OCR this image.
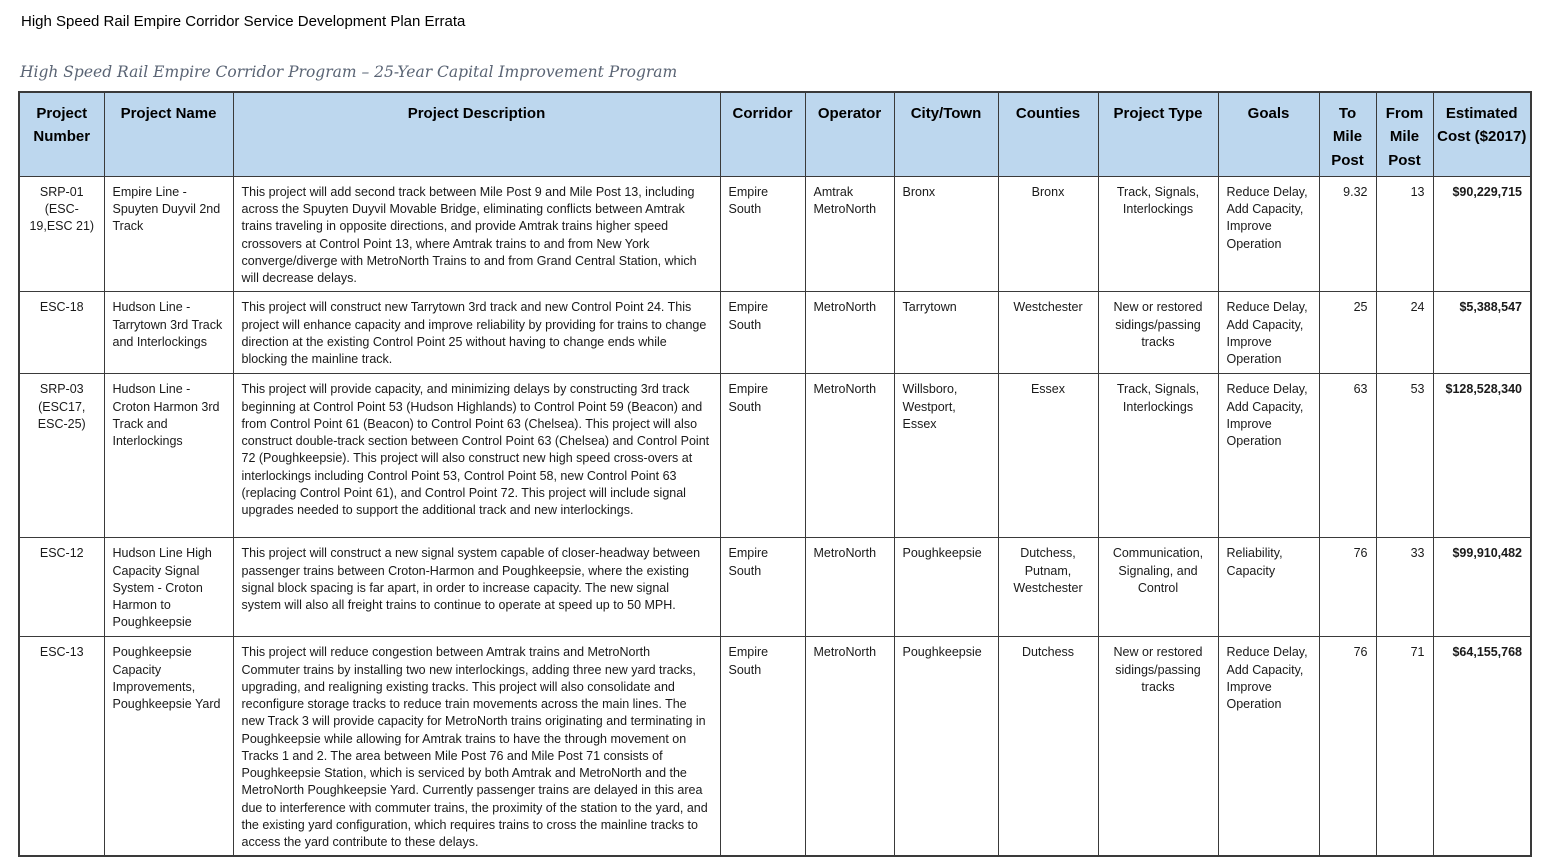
High Speed Rail Empire Corridor Service Development Plan Errata
High Speed Rail Empire Corridor Program – 25-Year Capital Improvement Program
Project Number	Project Name	Project Description	Corridor	Operator	City/Town	Counties	Project Type	Goals	To Mile Post	From Mile Post	Estimated Cost ($2017)
SRP-01 (ESC-19,ESC 21)	Empire Line - Spuyten Duyvil 2nd Track	This project will add second track between Mile Post 9 and Mile Post 13, including across the Spuyten Duyvil Movable Bridge, eliminating conflicts between Amtrak trains traveling in opposite directions, and provide Amtrak trains higher speed crossovers at Control Point 13, where Amtrak trains to and from New York converge/diverge with MetroNorth Trains to and from Grand Central Station, which will decrease delays.	Empire South	Amtrak MetroNorth	Bronx	Bronx	Track, Signals, Interlockings	Reduce Delay, Add Capacity, Improve Operation	9.32	13	$90,229,715
ESC-18	Hudson Line - Tarrytown 3rd Track and Interlockings	This project will construct new Tarrytown 3rd track and new Control Point 24. This project will enhance capacity and improve reliability by providing for trains to change direction at the existing Control Point 25 without having to change ends while blocking the mainline track.	Empire South	MetroNorth	Tarrytown	Westchester	New or restored sidings/passing tracks	Reduce Delay, Add Capacity, Improve Operation	25	24	$5,388,547
SRP-03 (ESC17, ESC-25)	Hudson Line - Croton Harmon 3rd Track and Interlockings	This project will provide capacity, and minimizing delays by constructing 3rd track beginning at Control Point 53 (Hudson Highlands) to Control Point 59 (Beacon) and from Control Point 61 (Beacon) to Control Point 63 (Chelsea). This project will also construct double-track section between Control Point 63 (Chelsea) and Control Point 72 (Poughkeepsie). This project will also construct new high speed cross-overs at interlockings including Control Point 53, Control Point 58, new Control Point 63 (replacing Control Point 61), and Control Point 72. This project will include signal upgrades needed to support the additional track and new interlockings.	Empire South	MetroNorth	Willsboro, Westport, Essex	Essex	Track, Signals, Interlockings	Reduce Delay, Add Capacity, Improve Operation	63	53	$128,528,340
ESC-12	Hudson Line High Capacity Signal System - Croton Harmon to Poughkeepsie	This project will construct a new signal system capable of closer-headway between passenger trains between Croton-Harmon and Poughkeepsie, where the existing signal block spacing is far apart, in order to increase capacity. The new signal system will also all freight trains to continue to operate at speed up to 50 MPH.	Empire South	MetroNorth	Poughkeepsie	Dutchess, Putnam, Westchester	Communication, Signaling, and Control	Reliability, Capacity	76	33	$99,910,482
ESC-13	Poughkeepsie Capacity Improvements, Poughkeepsie Yard	This project will reduce congestion between Amtrak trains and MetroNorth Commuter trains by installing two new interlockings, adding three new yard tracks, upgrading, and realigning existing tracks. This project will also consolidate and reconfigure storage tracks to reduce train movements across the main lines. The new Track 3 will provide capacity for MetroNorth trains originating and terminating in Poughkeepsie while allowing for Amtrak trains to have the through movement on Tracks 1 and 2. The area between Mile Post 76 and Mile Post 71 consists of Poughkeepsie Station, which is serviced by both Amtrak and MetroNorth and the MetroNorth Poughkeepsie Yard. Currently passenger trains are delayed in this area due to interference with commuter trains, the proximity of the station to the yard, and the existing yard configuration, which requires trains to cross the mainline tracks to access the yard contribute to these delays.	Empire South	MetroNorth	Poughkeepsie	Dutchess	New or restored sidings/passing tracks	Reduce Delay, Add Capacity, Improve Operation	76	71	$64,155,768
